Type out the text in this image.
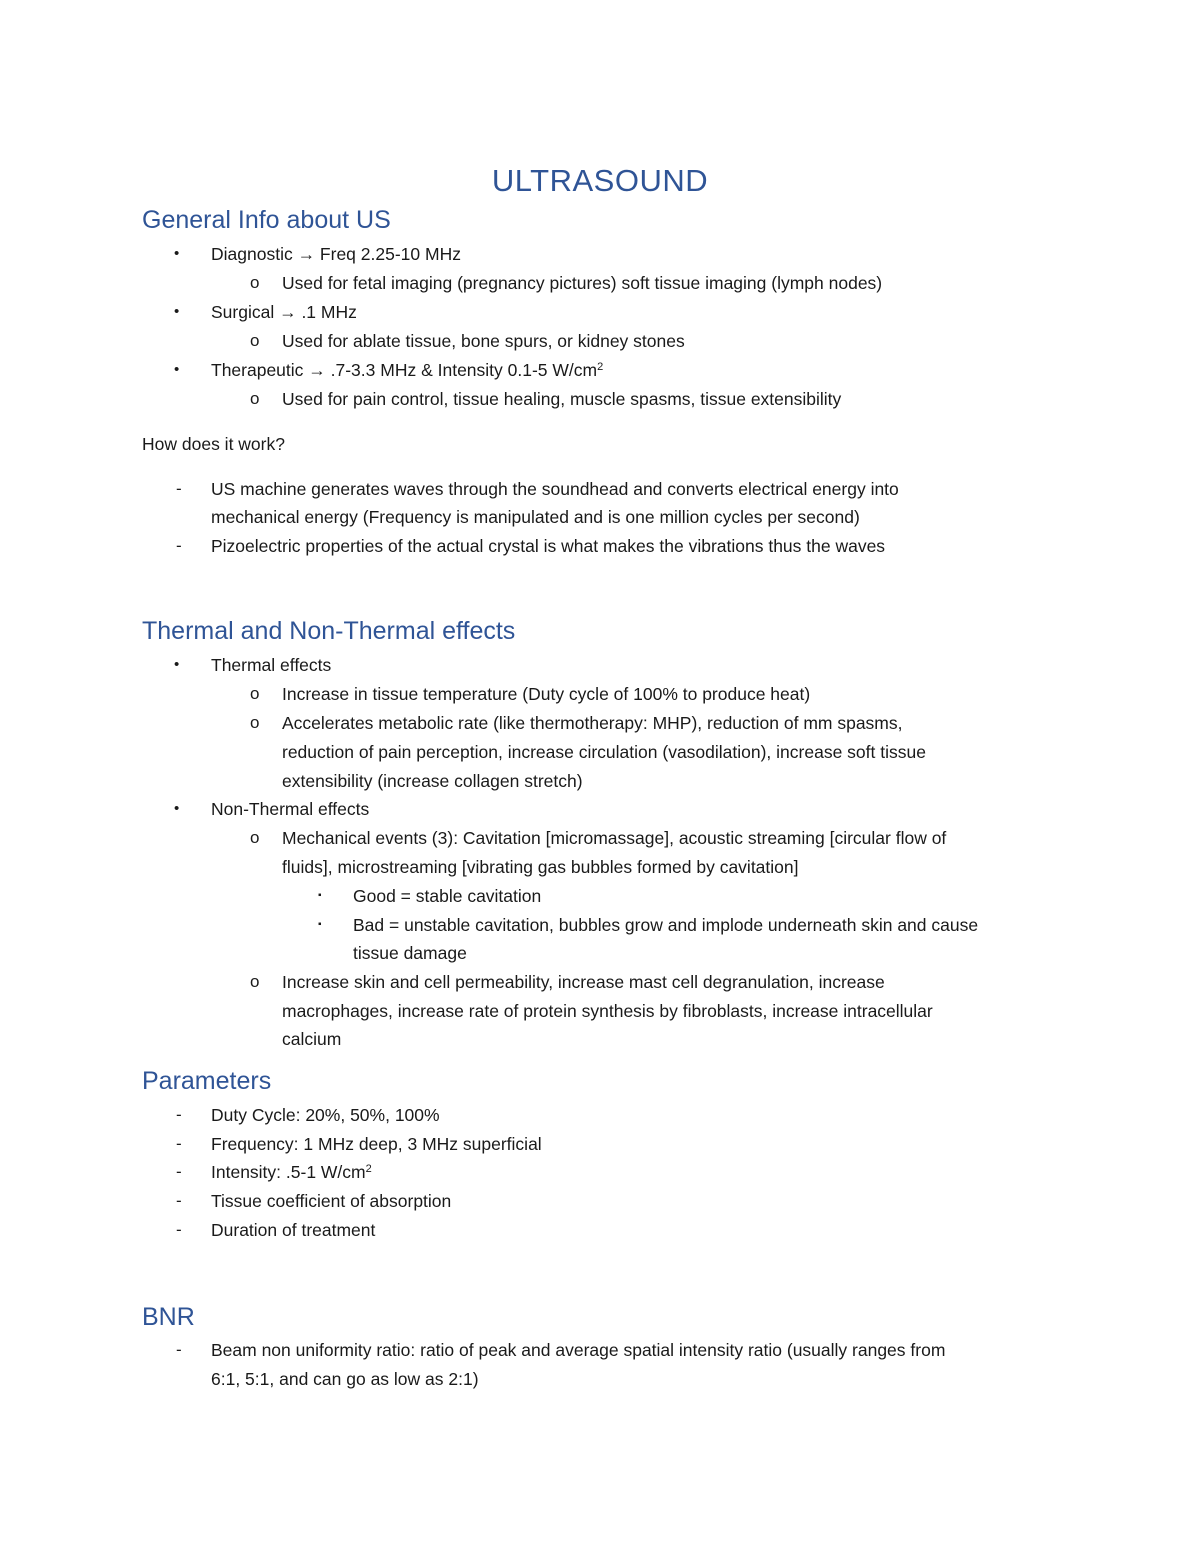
ULTRASOUND
General Info about US
• Diagnostic → Freq 2.25-10 MHz
o Used for fetal imaging (pregnancy pictures) soft tissue imaging (lymph nodes)
• Surgical → .1 MHz
o Used for ablate tissue, bone spurs, or kidney stones
• Therapeutic → .7-3.3 MHz & Intensity 0.1-5 $W/cm^2$
o Used for pain control, tissue healing, muscle spasms, tissue extensibility
How does it work?
- US machine generates waves through the soundhead and converts electrical energy into
mechanical energy (Frequency is manipulated and is one million cycles per second)
- Pizoelectric properties of the actual crystal is what makes the vibrations thus the waves
Thermal and Non-Thermal effects
• Thermal effects
o Increase in tissue temperature (Duty cycle of 100% to produce heat)
o Accelerates metabolic rate (like thermotherapy: MHP), reduction of mm spasms,
reduction of pain perception, increase circulation (vasodilation), increase soft tissue
extensibility (increase collagen stretch)
• Non-Thermal effects
o Mechanical events (3): Cavitation [micromassage], acoustic streaming [circular flow of
fluids], microstreaming [vibrating gas bubbles formed by cavitation]
▪ Good = stable cavitation
▪ Bad = unstable cavitation, bubbles grow and implode underneath skin and cause
tissue damage
o Increase skin and cell permeability, increase mast cell degranulation, increase
macrophages, increase rate of protein synthesis by fibroblasts, increase intracellular
calcium
Parameters
- Duty Cycle: 20%, 50%, 100%
- Frequency: 1 MHz deep, 3 MHz superficial
- Intensity: .5-1 $W/cm^2$
- Tissue coefficient of absorption
- Duration of treatment
BNR
- Beam non uniformity ratio: ratio of peak and average spatial intensity ratio (usually ranges from
6:1, 5:1, and can go as low as 2:1)
